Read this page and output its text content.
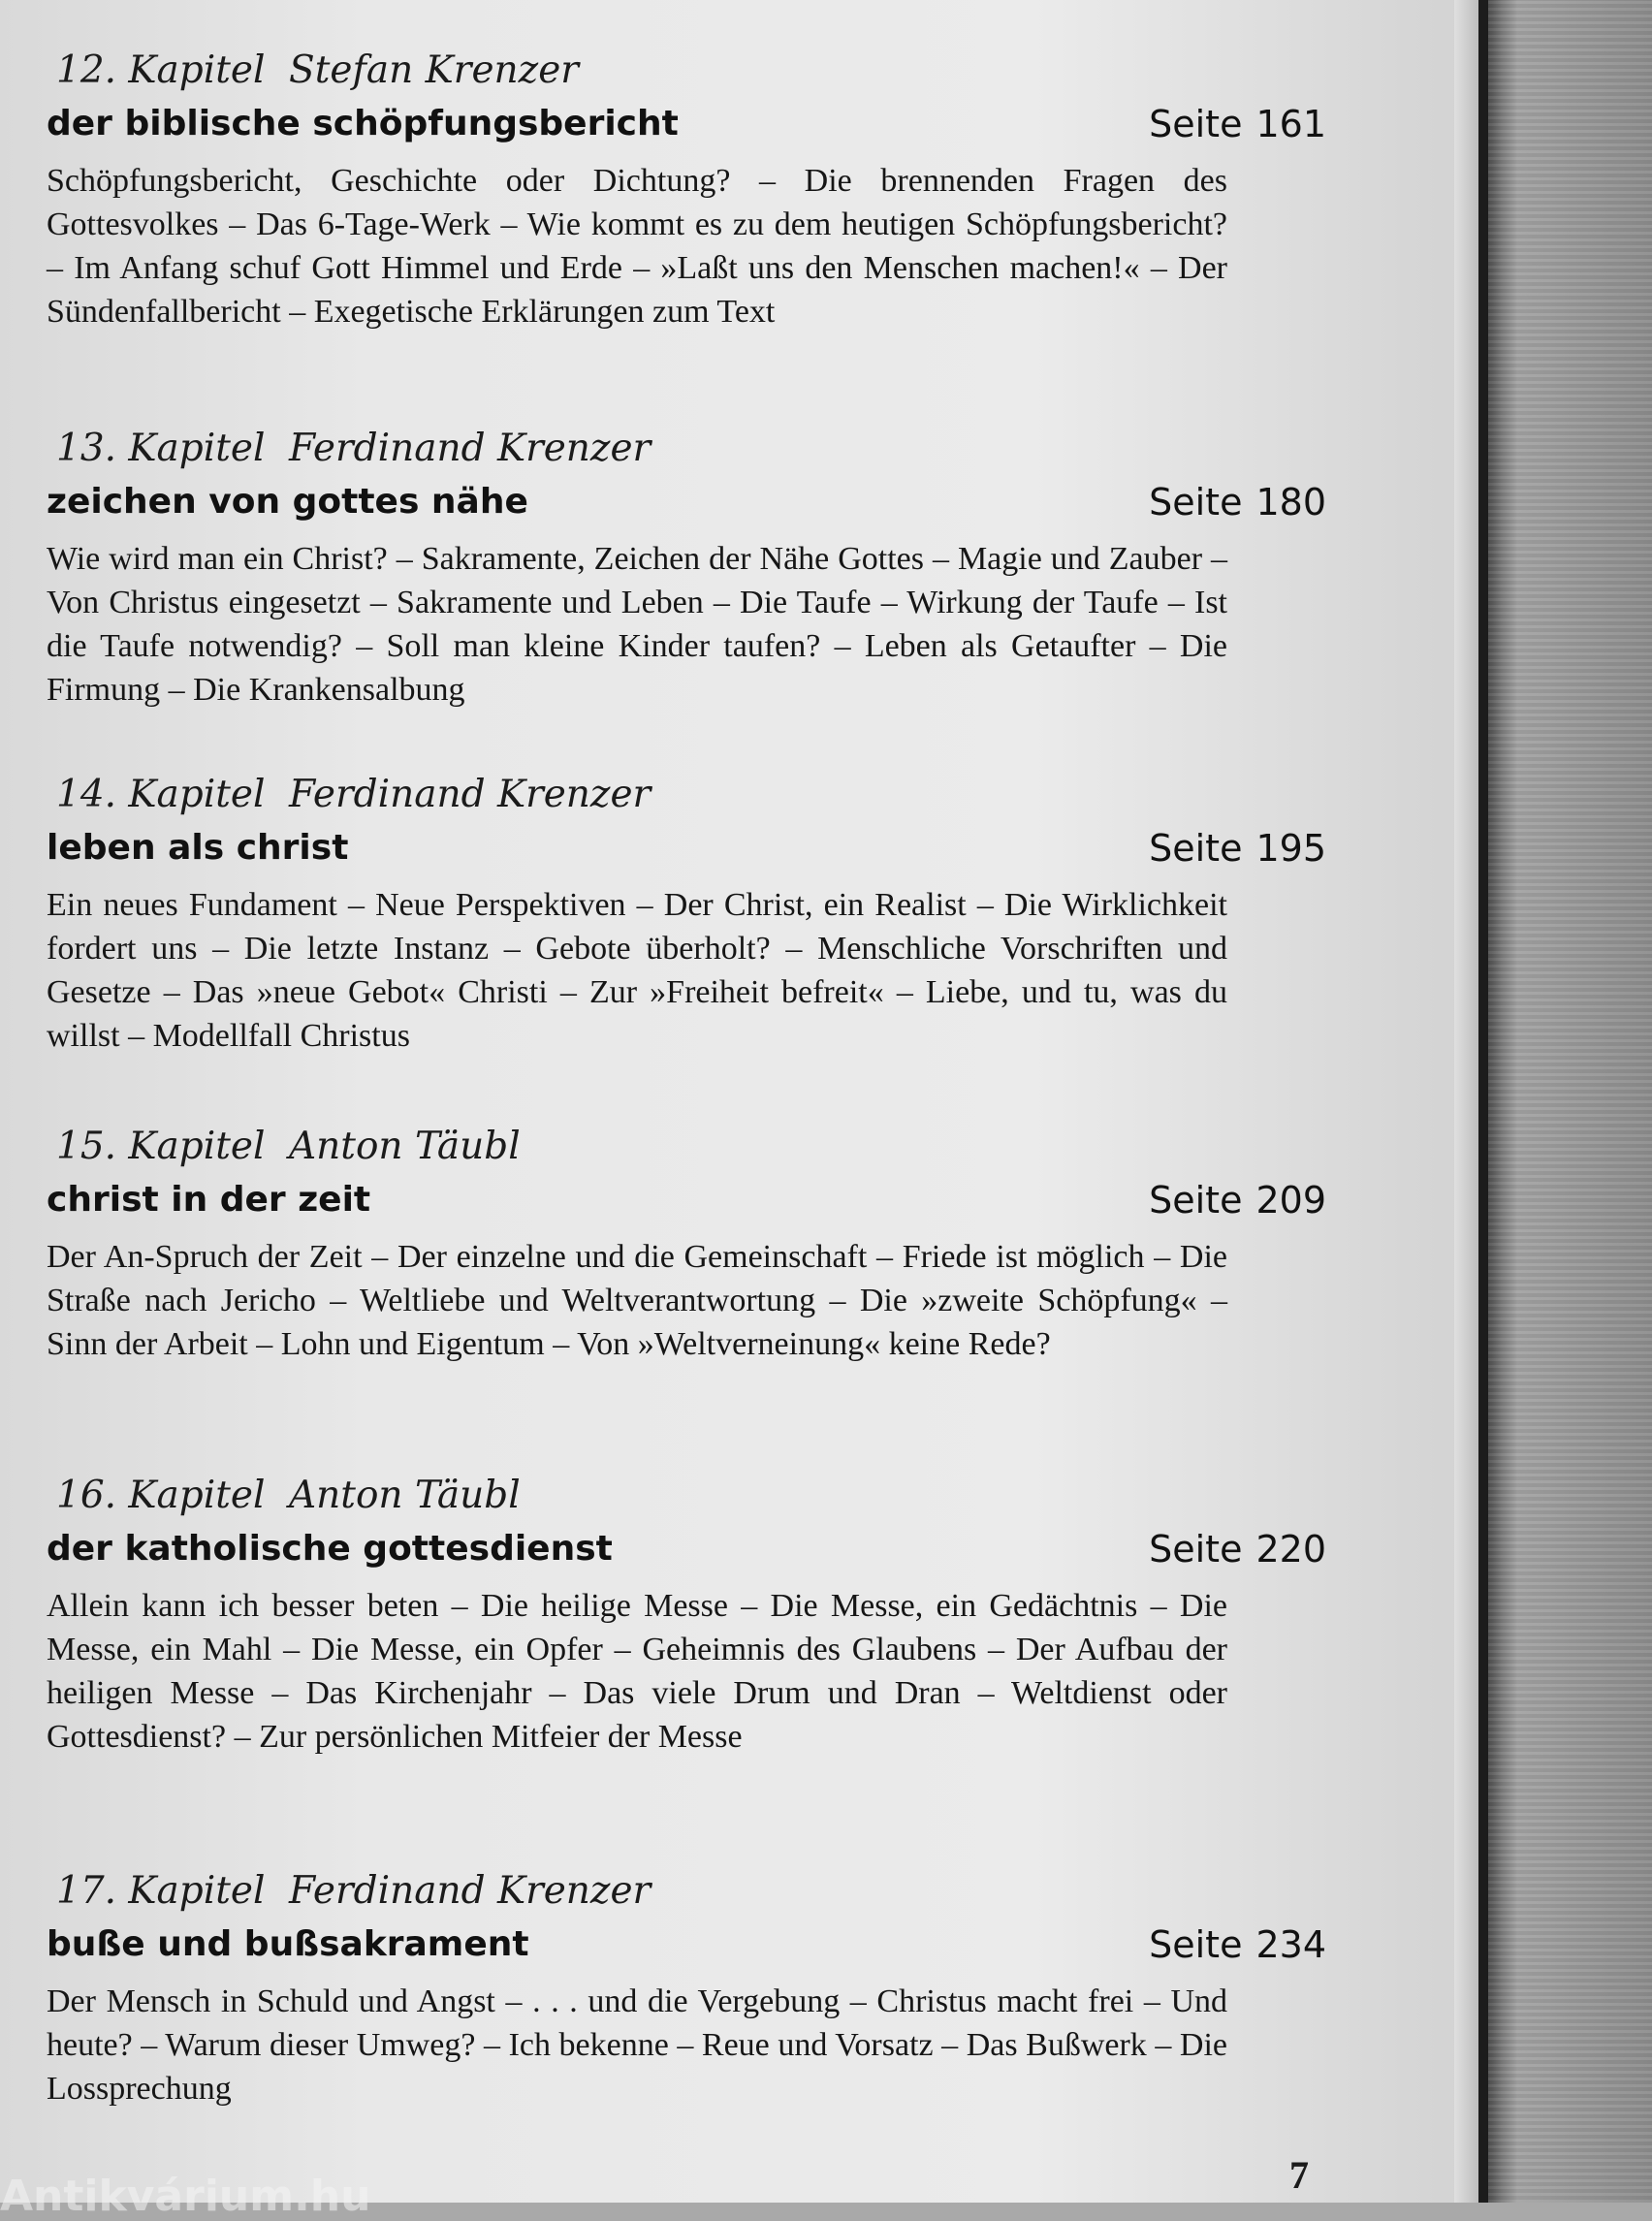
12. Kapitel Stefan Krenzer
der biblische schöpfungsbericht	Seite 161
Schöpfungsbericht, Geschichte oder Dichtung? – Die brennenden Fragen des Gottesvolkes – Das 6-Tage-Werk – Wie kommt es zu dem heutigen Schöpfungsbericht? – Im Anfang schuf Gott Himmel und Erde – »Laßt uns den Menschen machen!« – Der Sündenfallbericht – Exegetische Erklärungen zum Text
13. Kapitel Ferdinand Krenzer
zeichen von gottes nähe	Seite 180
Wie wird man ein Christ? – Sakramente, Zeichen der Nähe Gottes – Magie und Zauber – Von Christus eingesetzt – Sakramente und Leben – Die Taufe – Wirkung der Taufe – Ist die Taufe notwendig? – Soll man kleine Kinder taufen? – Leben als Getaufter – Die Firmung – Die Krankensalbung
14. Kapitel Ferdinand Krenzer
leben als christ	Seite 195
Ein neues Fundament – Neue Perspektiven – Der Christ, ein Realist – Die Wirklichkeit fordert uns – Die letzte Instanz – Gebote überholt? – Menschliche Vorschriften und Gesetze – Das »neue Gebot« Christi – Zur »Freiheit befreit« – Liebe, und tu, was du willst – Modellfall Christus
15. Kapitel Anton Täubl
christ in der zeit	Seite 209
Der An-Spruch der Zeit – Der einzelne und die Gemeinschaft – Friede ist möglich – Die Straße nach Jericho – Weltliebe und Weltverantwortung – Die »zweite Schöpfung« – Sinn der Arbeit – Lohn und Eigentum – Von »Weltverneinung« keine Rede?
16. Kapitel Anton Täubl
der katholische gottesdienst	Seite 220
Allein kann ich besser beten – Die heilige Messe – Die Messe, ein Gedächtnis – Die Messe, ein Mahl – Die Messe, ein Opfer – Geheimnis des Glaubens – Der Aufbau der heiligen Messe – Das Kirchenjahr – Das viele Drum und Dran – Weltdienst oder Gottesdienst? – Zur persönlichen Mitfeier der Messe
17. Kapitel Ferdinand Krenzer
buße und bußsakrament	Seite 234
Der Mensch in Schuld und Angst – . . . und die Vergebung – Christus macht frei – Und heute? – Warum dieser Umweg? – Ich bekenne – Reue und Vorsatz – Das Bußwerk – Die Lossprechung
7
Antikvárium.hu
